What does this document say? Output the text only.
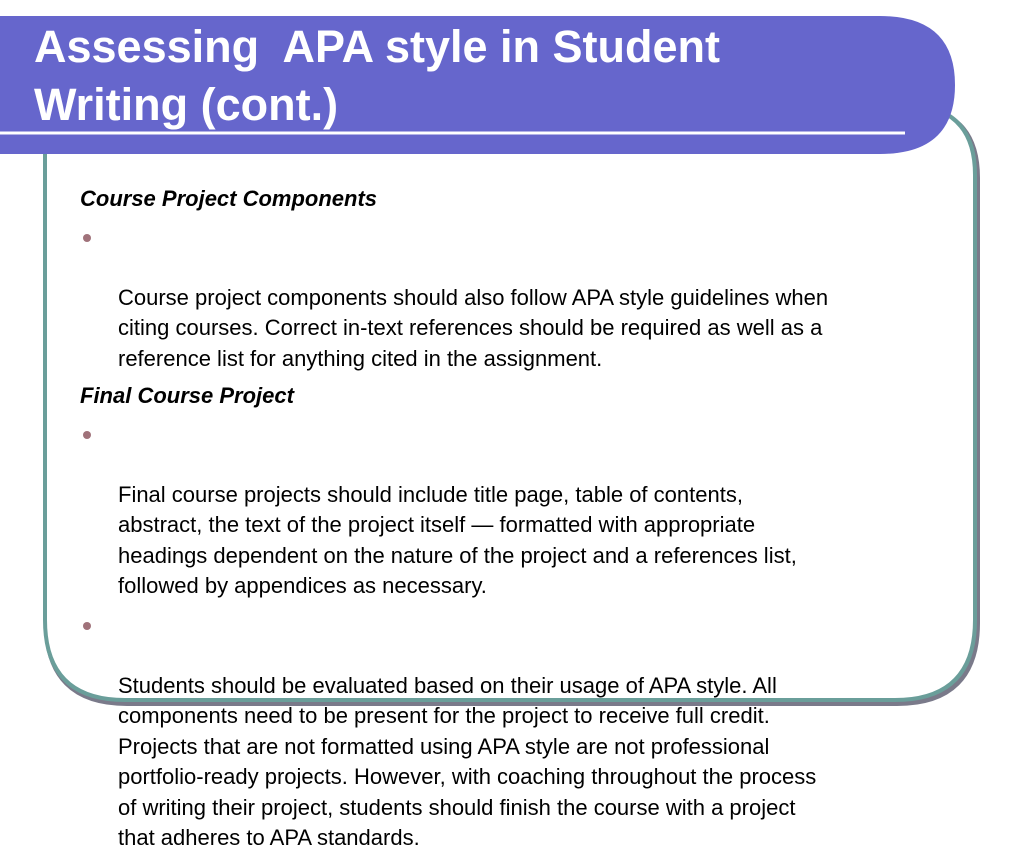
Assessing  APA style in Student
Writing (cont.)

Course Project Components

Course project components should also follow APA style guidelines when
citing courses. Correct in-text references should be required as well as a
reference list for anything cited in the assignment.

Final Course Project

Final course projects should include title page, table of contents,
abstract, the text of the project itself — formatted with appropriate
headings dependent on the nature of the project and a references list,
followed by appendices as necessary.

Students should be evaluated based on their usage of APA style. All
components need to be present for the project to receive full credit.
Projects that are not formatted using APA style are not professional
portfolio-ready projects. However, with coaching throughout the process
of writing their project, students should finish the course with a project
that adheres to APA standards.
